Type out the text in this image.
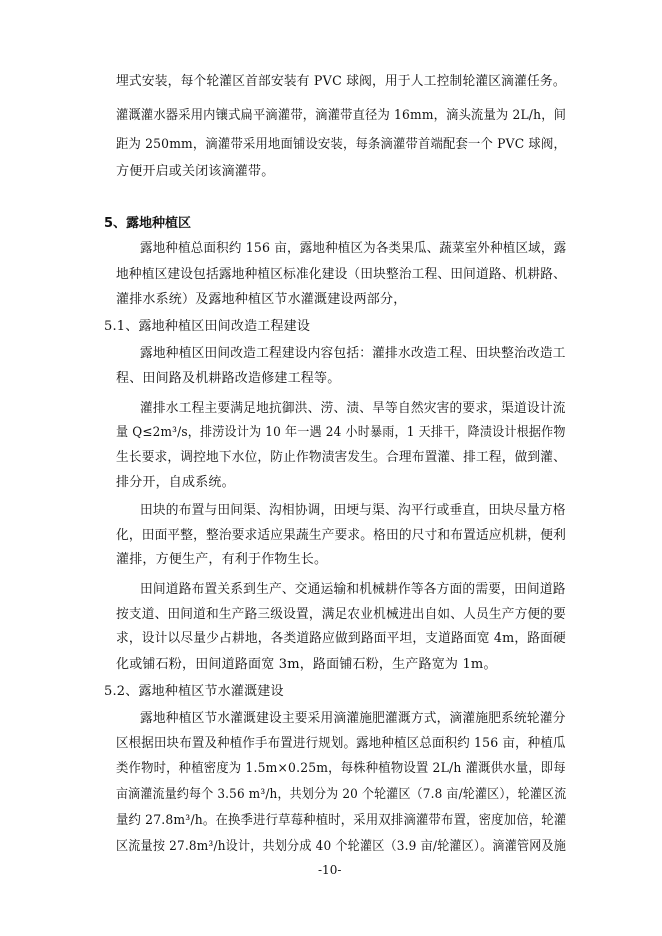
埋式安装，每个轮灌区首部安装有 PVC 球阀，用于人工控制轮灌区滴灌任务。
灌溉灌水器采用内镶式扁平滴灌带，滴灌带直径为 16mm，滴头流量为 2L/h，间
距为 250mm，滴灌带采用地面铺设安装，每条滴灌带首端配套一个 PVC 球阀，
方便开启或关闭该滴灌带。
5、露地种植区
露地种植总面积约 156 亩，露地种植区为各类果瓜、蔬菜室外种植区域，露
地种植区建设包括露地种植区标准化建设（田块整治工程、田间道路、机耕路、
灌排水系统）及露地种植区节水灌溉建设两部分，
5.1、露地种植区田间改造工程建设
露地种植区田间改造工程建设内容包括：灌排水改造工程、田块整治改造工
程、田间路及机耕路改造修建工程等。
灌排水工程主要满足地抗御洪、涝、渍、旱等自然灾害的要求，渠道设计流
量 Q≤2m³/s，排涝设计为 10 年一遇 24 小时暴雨，1 天排干，降渍设计根据作物
生长要求，调控地下水位，防止作物渍害发生。合理布置灌、排工程，做到灌、
排分开，自成系统。
田块的布置与田间渠、沟相协调，田埂与渠、沟平行或垂直，田块尽量方格
化，田面平整，整治要求适应果蔬生产要求。格田的尺寸和布置适应机耕，便利
灌排，方便生产，有利于作物生长。
田间道路布置关系到生产、交通运输和机械耕作等各方面的需要，田间道路
按支道、田间道和生产路三级设置，满足农业机械进出自如、人员生产方便的要
求，设计以尽量少占耕地，各类道路应做到路面平坦，支道路面宽 4m，路面硬
化或铺石粉，田间道路面宽 3m，路面铺石粉，生产路宽为 1m。
5.2、露地种植区节水灌溉建设
露地种植区节水灌溉建设主要采用滴灌施肥灌溉方式，滴灌施肥系统轮灌分
区根据田块布置及种植作手布置进行规划。露地种植区总面积约 156 亩，种植瓜
类作物时，种植密度为 1.5m×0.25m，每株种植物设置 2L/h 灌溉供水量，即每
亩滴灌流量约每个 3.56 m³/h，共划分为 20 个轮灌区（7.8 亩/轮灌区），轮灌区流
量约 27.8m³/h。在换季进行草莓种植时，采用双排滴灌带布置，密度加倍，轮灌
区流量按 27.8m³/h设计，共划分成 40 个轮灌区（3.9 亩/轮灌区）。滴灌管网及施
-10-
